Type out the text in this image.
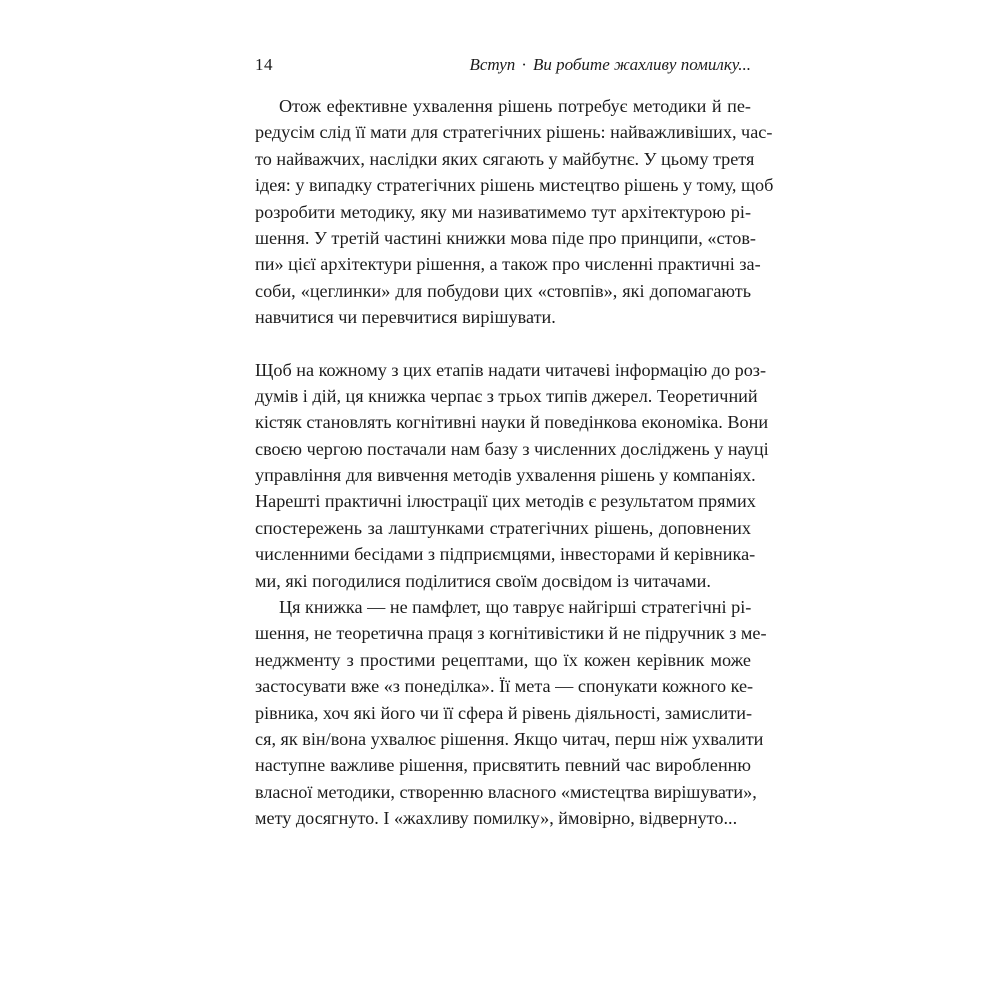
14	Вступ · Ви робите жахливу помилку...
Отож ефективне ухвалення рішень потребує методики й пе-
редусім слід її мати для стратегічних рішень: найважливіших, час-
то найважчих, наслідки яких сягають у майбутнє. У цьому третя
ідея: у випадку стратегічних рішень мистецтво рішень у тому, щоб
розробити методику, яку ми називатимемо тут архітектурою рі-
шення. У третій частині книжки мова піде про принципи, «стов-
пи» цієї архітектури рішення, а також про численні практичні за-
соби, «цеглинки» для побудови цих «стовпів», які допомагають
навчитися чи перевчитися вирішувати.
Щоб на кожному з цих етапів надати читачеві інформацію до роз-
думів і дій, ця книжка черпає з трьох типів джерел. Теоретичний
кістяк становлять когнітивні науки й поведінкова економіка. Вони
своєю чергою постачали нам базу з численних досліджень у науці
управління для вивчення методів ухвалення рішень у компаніях.
Нарешті практичні ілюстрації цих методів є результатом прямих
спостережень за лаштунками стратегічних рішень, доповнених
численними бесідами з підприємцями, інвесторами й керівника-
ми, які погодилися поділитися своїм досвідом із читачами.
Ця книжка — не памфлет, що таврує найгірші стратегічні рі-
шення, не теоретична праця з когнітивістики й не підручник з ме-
неджменту з простими рецептами, що їх кожен керівник може
застосувати вже «з понеділка». Її мета — спонукати кожного ке-
рівника, хоч які його чи її сфера й рівень діяльності, замислити-
ся, як він/вона ухвалює рішення. Якщо читач, перш ніж ухвалити
наступне важливе рішення, присвятить певний час виробленню
власної методики, створенню власного «мистецтва вирішувати»,
мету досягнуто. І «жахливу помилку», ймовірно, відвернуто...
